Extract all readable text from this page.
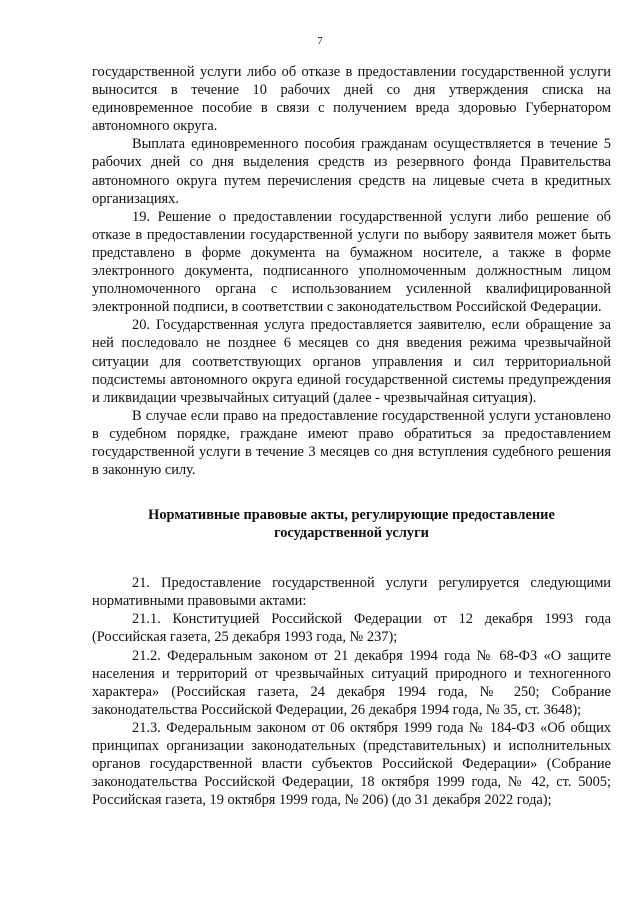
7

государственной услуги либо об отказе в предоставлении государственной услуги выносится в течение 10 рабочих дней со дня утверждения списка на единовременное пособие в связи с получением вреда здоровью Губернатором автономного округа.

Выплата единовременного пособия гражданам осуществляется в течение 5 рабочих дней со дня выделения средств из резервного фонда Правительства автономного округа путем перечисления средств на лицевые счета в кредитных организациях.

19. Решение о предоставлении государственной услуги либо решение об отказе в предоставлении государственной услуги по выбору заявителя может быть представлено в форме документа на бумажном носителе, а также в форме электронного документа, подписанного уполномоченным должностным лицом уполномоченного органа с использованием усиленной квалифицированной электронной подписи, в соответствии с законодательством Российской Федерации.

20. Государственная услуга предоставляется заявителю, если обращение за ней последовало не позднее 6 месяцев со дня введения режима чрезвычайной ситуации для соответствующих органов управления и сил территориальной подсистемы автономного округа единой государственной системы предупреждения и ликвидации чрезвычайных ситуаций (далее - чрезвычайная ситуация).

В случае если право на предоставление государственной услуги установлено в судебном порядке, граждане имеют право обратиться за предоставлением государственной услуги в течение 3 месяцев со дня вступления судебного решения в законную силу.

Нормативные правовые акты, регулирующие предоставление
государственной услуги

21. Предоставление государственной услуги регулируется следующими нормативными правовыми актами:

21.1. Конституцией Российской Федерации от 12 декабря 1993 года (Российская газета, 25 декабря 1993 года, № 237);

21.2. Федеральным законом от 21 декабря 1994 года № 68-ФЗ «О защите населения и территорий от чрезвычайных ситуаций природного и техногенного характера» (Российская газета, 24 декабря 1994 года, № 250; Собрание законодательства Российской Федерации, 26 декабря 1994 года, № 35, ст. 3648);

21.3. Федеральным законом от 06 октября 1999 года № 184-ФЗ «Об общих принципах организации законодательных (представительных) и исполнительных органов государственной власти субъектов Российской Федерации» (Собрание законодательства Российской Федерации, 18 октября 1999 года, № 42, ст. 5005; Российская газета, 19 октября 1999 года, № 206) (до 31 декабря 2022 года);
